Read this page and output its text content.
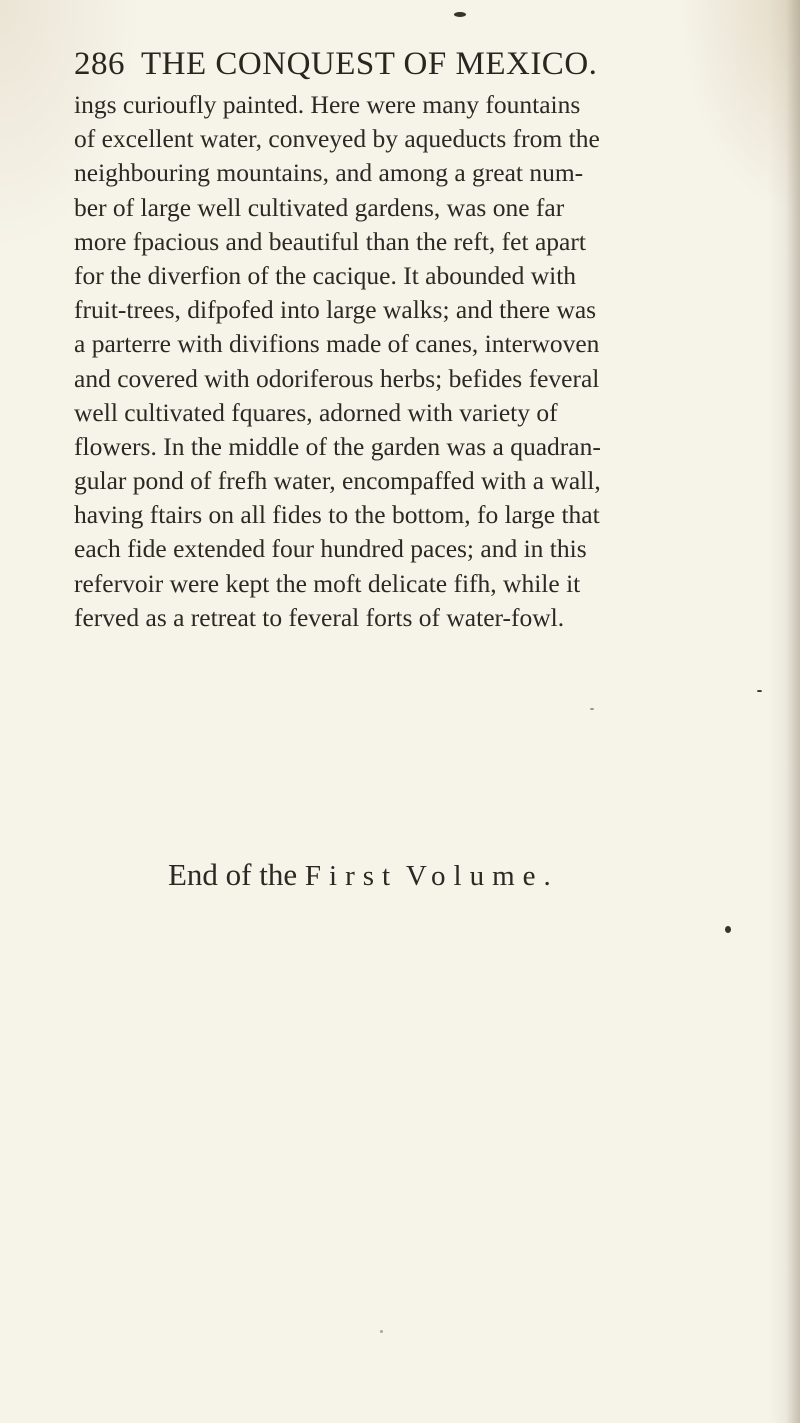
286 THE CONQUEST OF MEXICO.
ings curioufly painted. Here were many fountains
of excellent water, conveyed by aqueducts from the
neighbouring mountains, and among a great num-
ber of large well cultivated gardens, was one far
more fpacious and beautiful than the reft, fet apart
for the diverfion of the cacique. It abounded with
fruit-trees, difpofed into large walks; and there was
a parterre with divifions made of canes, interwoven
and covered with odoriferous herbs; befides feveral
well cultivated fquares, adorned with variety of
flowers. In the middle of the garden was a quadran-
gular pond of frefh water, encompaffed with a wall,
having ftairs on all fides to the bottom, fo large that
each fide extended four hundred paces; and in this
refervoir were kept the moft delicate fifh, while it
ferved as a retreat to feveral forts of water-fowl.
End of the First Volume.
